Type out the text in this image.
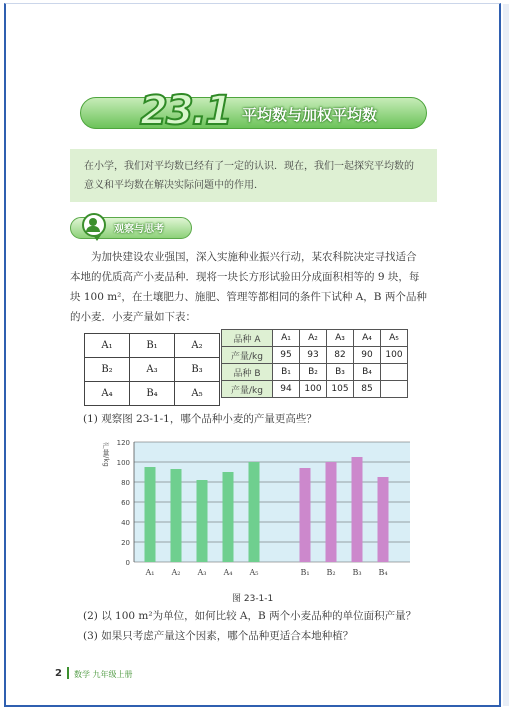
23.1 平均数与加权平均数
在小学，我们对平均数已经有了一定的认识．现在，我们一起探究平均数的意义和平均数在解决实际问题中的作用．
观察与思考

为加快建设农业强国，深入实施种业振兴行动，某农科院决定寻找适合

本地的优质高产小麦品种．现将一块长方形试验田分成面积相等的 9 块，每

块 100 m²，在土壤肥力、施肥、管理等都相同的条件下试种 A，B 两个品种

的小麦．小麦产量如下表：

A₁	B₁	A₂
B₂	A₃	B₃
A₄	B₄	A₅
品种 A	A₁	A₂	A₃	A₄	A₅
产量/kg	95	93	82	90	100
品种 B	B₁	B₂	B₃	B₄	
产量/kg	94	100	105	85	
(1) 观察图 23-1-1，哪个品种小麦的产量更高些？
0
20
40
60
80
100
120
A₁ A₂ A₃ A₄ A₅	B₁ B₂ B₃ B₄
产量/kg
图 23-1-1
(2) 以 100 m²为单位，如何比较 A，B 两个小麦品种的单位面积产量？
(3) 如果只考虑产量这个因素，哪个品种更适合本地种植？
2 数学 九年级上册
